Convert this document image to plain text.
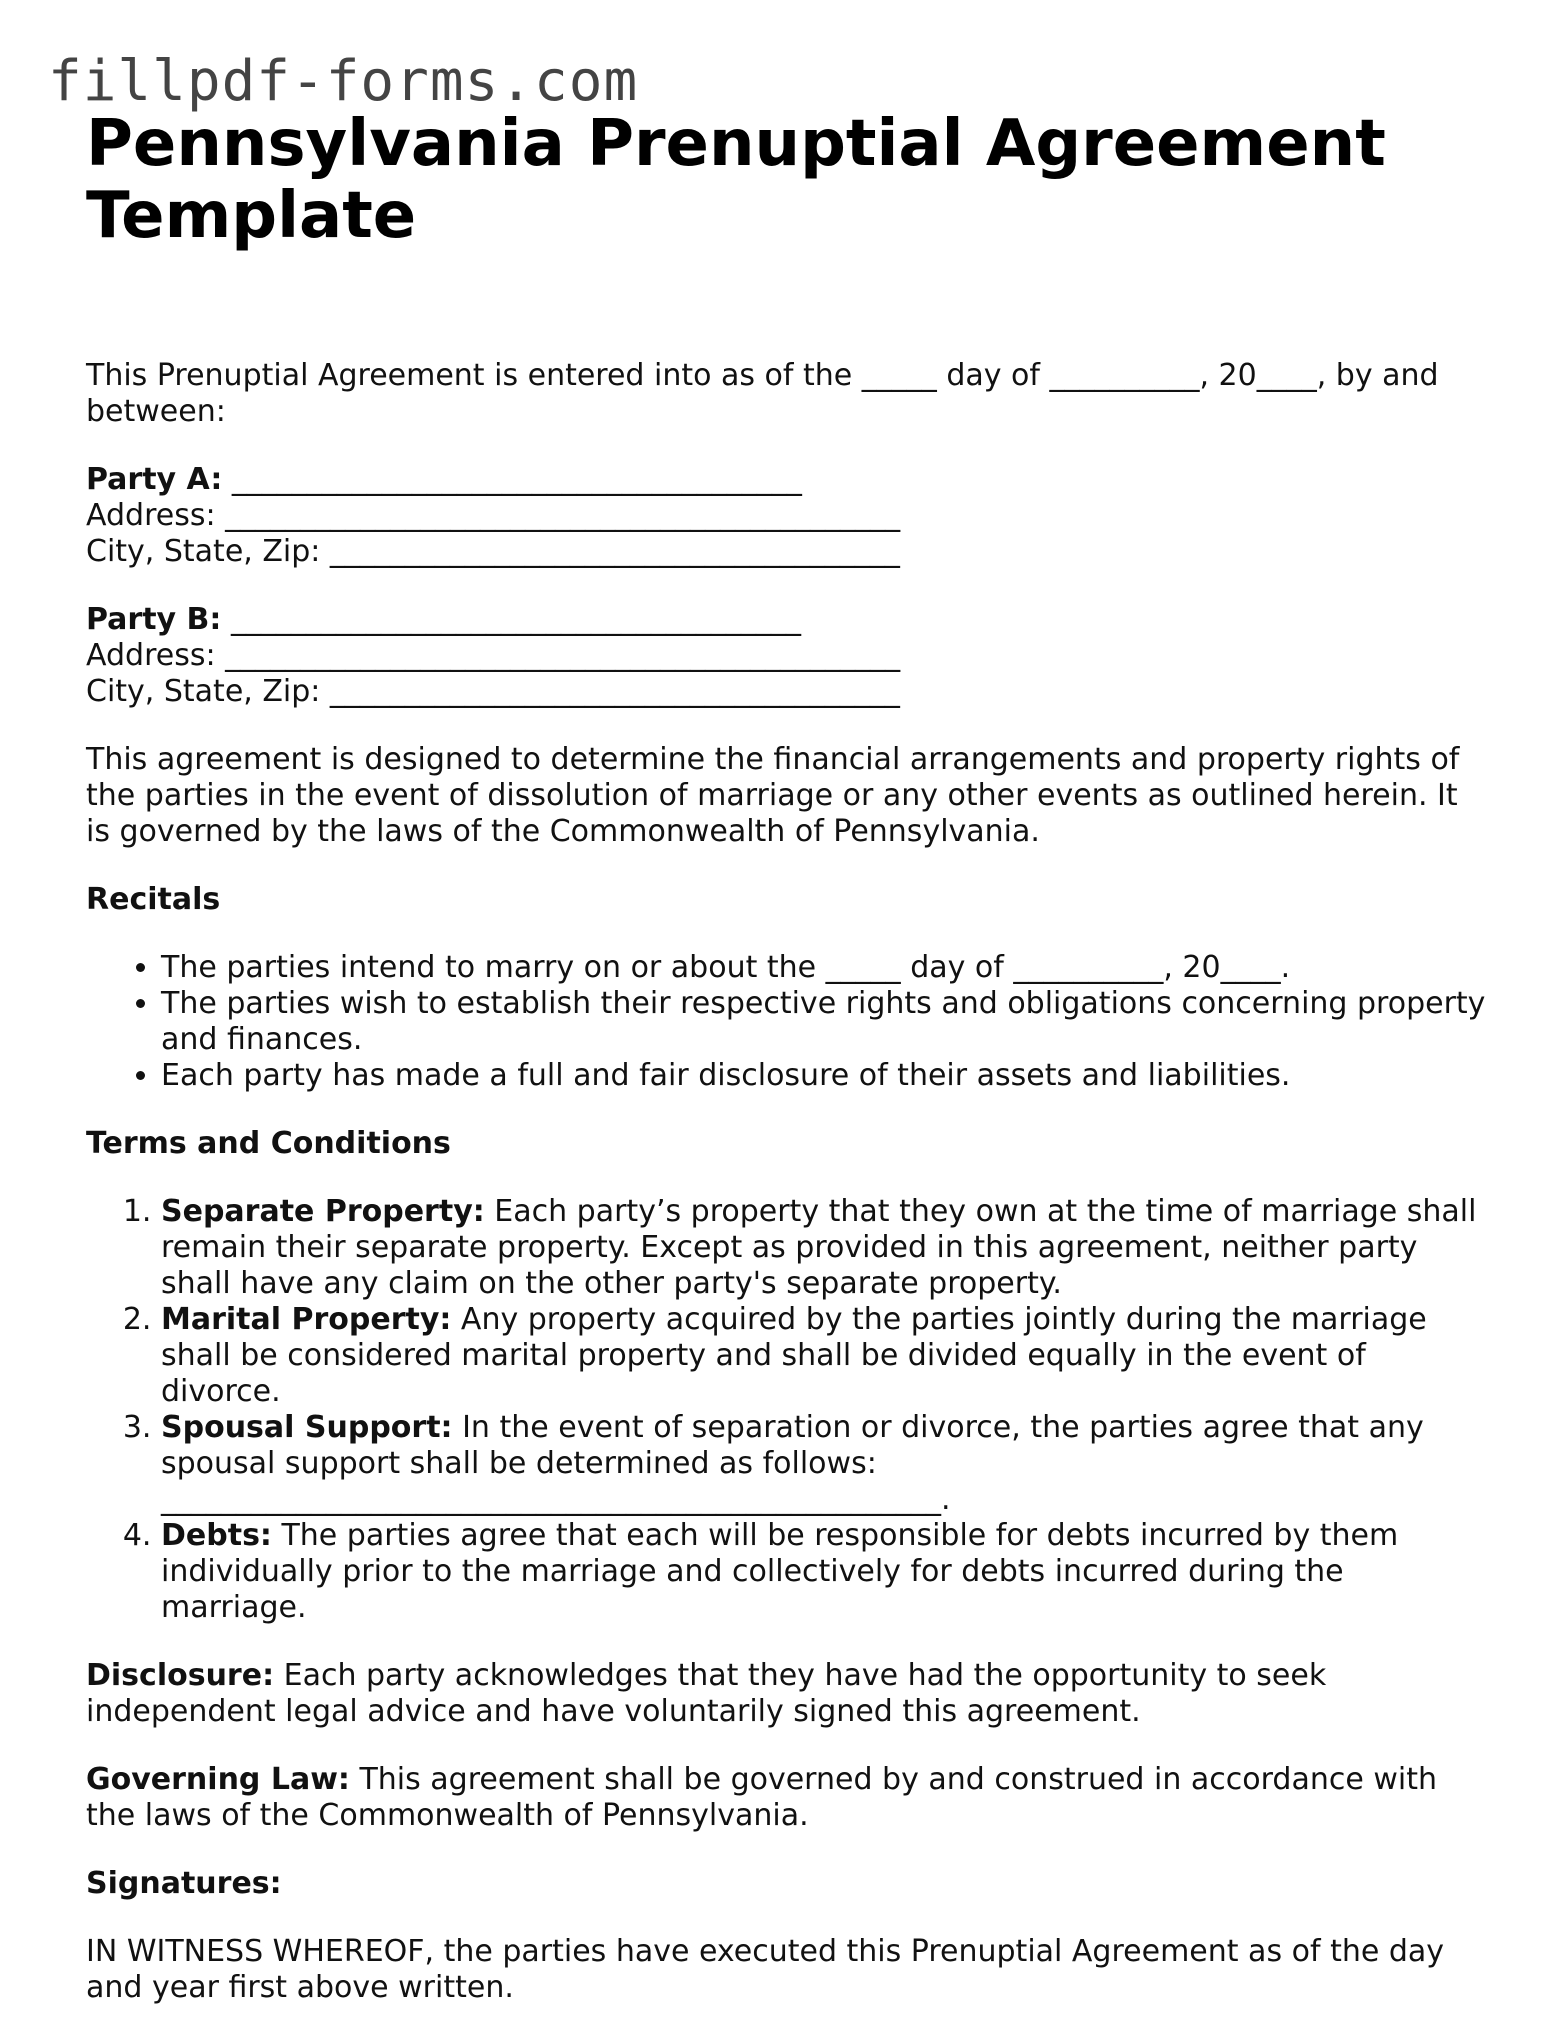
fillpdf-forms.com
Pennsylvania Prenuptial Agreement Template

This Prenuptial Agreement is entered into as of the _____ day of __________, 20____, by and between:

Party A: ______________________________________
Address: _____________________________________________
City, State, Zip: ______________________________________
Party B: ______________________________________
Address: _____________________________________________
City, State, Zip: ______________________________________

This agreement is designed to determine the financial arrangements and property rights of the parties in the event of dissolution of marriage or any other events as outlined herein. It is governed by the laws of the Commonwealth of Pennsylvania.

Recitals
• The parties intend to marry on or about the _____ day of __________, 20____.
• The parties wish to establish their respective rights and obligations concerning property and finances.
• Each party has made a full and fair disclosure of their assets and liabilities.
Terms and Conditions
1. Separate Property: Each party’s property that they own at the time of marriage shall remain their separate property. Except as provided in this agreement, neither party shall have any claim on the other party's separate property.
2. Marital Property: Any property acquired by the parties jointly during the marriage shall be considered marital property and shall be divided equally in the event of divorce.
3. Spousal Support: In the event of separation or divorce, the parties agree that any spousal support shall be determined as follows: ____________________________________________________.
4. Debts: The parties agree that each will be responsible for debts incurred by them individually prior to the marriage and collectively for debts incurred during the marriage.

Disclosure: Each party acknowledges that they have had the opportunity to seek independent legal advice and have voluntarily signed this agreement.

Governing Law: This agreement shall be governed by and construed in accordance with the laws of the Commonwealth of Pennsylvania.

Signatures:

IN WITNESS WHEREOF, the parties have executed this Prenuptial Agreement as of the day and year first above written.
